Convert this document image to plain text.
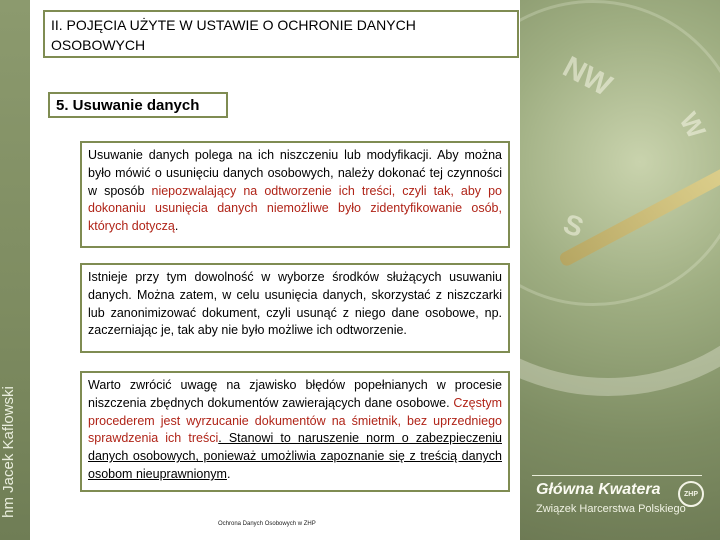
hm Jacek Kaflowski
NW
W
S
II. POJĘCIA UŻYTE W USTAWIE O OCHRONIE DANYCH OSOBOWYCH
5. Usuwanie danych
Usuwanie danych polega na ich niszczeniu lub modyfikacji. Aby można było mówić o usunięciu danych osobowych, należy dokonać tej czynności w sposób niepozwalający na odtworzenie ich treści, czyli tak, aby po dokonaniu usunięcia danych niemożliwe było zidentyfikowanie osób, których dotyczą.
Istnieje przy tym dowolność w wyborze środków służących usuwaniu danych. Można zatem, w celu usunięcia danych, skorzystać z niszczarki lub zanonimizować dokument, czyli usunąć z niego dane osobowe, np. zaczerniając je, tak aby nie było możliwe ich odtworzenie.
Warto zwrócić uwagę na zjawisko błędów popełnianych w procesie niszczenia zbędnych dokumentów zawierających dane osobowe. Częstym procederem jest wyrzucanie dokumentów na śmietnik, bez uprzedniego sprawdzenia ich treści. Stanowi to naruszenie norm o zabezpieczeniu danych osobowych, ponieważ umożliwia zapoznanie się z treścią danych osobom nieuprawnionym.
Główna Kwatera
Związek Harcerstwa Polskiego
ZHP
Ochrona Danych Osobowych w ZHP
